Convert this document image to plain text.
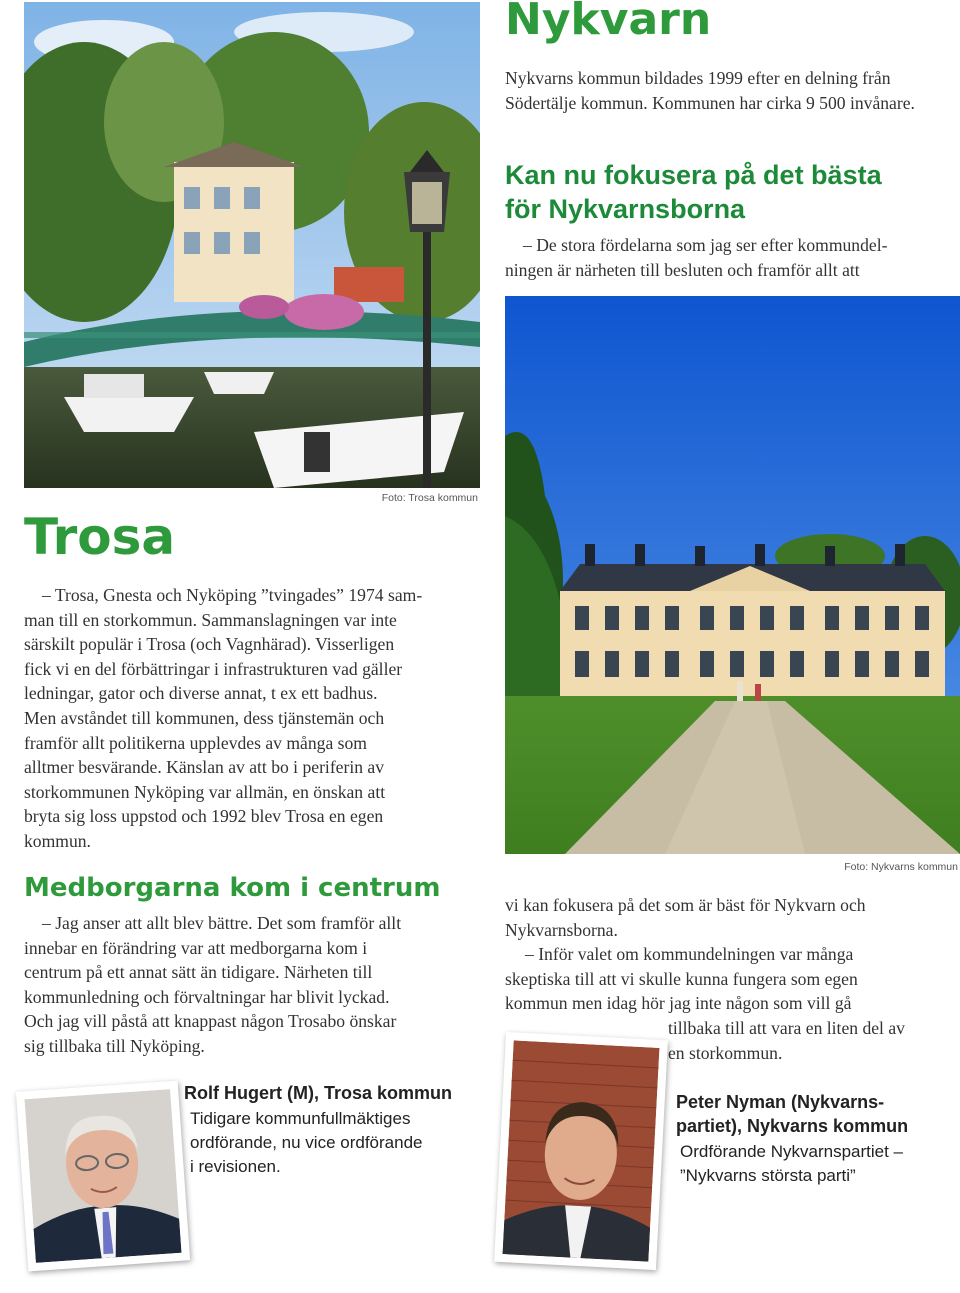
Foto: Trosa kommun
Nykvarn
Nykvarns kommun bildades 1999 efter en delning från Södertälje kommun. Kommunen har cirka 9 500 invånare.
Kan nu fokusera på det bästa
för Nykvarnsborna
– De stora fördelarna som jag ser efter kommundel-
ningen är närheten till besluten och framför allt att
Foto: Nykvarns kommun
Trosa
– Trosa, Gnesta och Nyköping ”tvingades” 1974 sam-
man till en storkommun. Sammanslagningen var inte
särskilt populär i Trosa (och Vagnhärad). Visserligen
fick vi en del förbättringar i infrastrukturen vad gäller
ledningar, gator och diverse annat, t ex ett badhus.
Men avståndet till kommunen, dess tjänstemän och
framför allt politikerna upplevdes av många som
alltmer besvärande. Känslan av att bo i periferin av
storkommunen Nyköping var allmän, en önskan att
bryta sig loss uppstod och 1992 blev Trosa en egen
kommun.
Medborgarna kom i centrum
– Jag anser att allt blev bättre. Det som framför allt
innebar en förändring var att medborgarna kom i
centrum på ett annat sätt än tidigare. Närheten till
kommunledning och förvaltningar har blivit lyckad.
Och jag vill påstå att knappast någon Trosabo önskar
sig tillbaka till Nyköping.
Rolf Hugert (M), Trosa kommun
Tidigare kommunfullmäktiges
ordförande, nu vice ordförande
i revisionen.
vi kan fokusera på det som är bäst för Nykvarn och
Nykvarnsborna.
– Inför valet om kommundelningen var många
skeptiska till att vi skulle kunna fungera som egen
kommun men idag hör jag inte någon som vill gå
tillbaka till att vara en liten del av
en storkommun.
Peter Nyman (Nykvarns-
partiet), Nykvarns kommun
Ordförande Nykvarnspartiet –
”Nykvarns största parti”
